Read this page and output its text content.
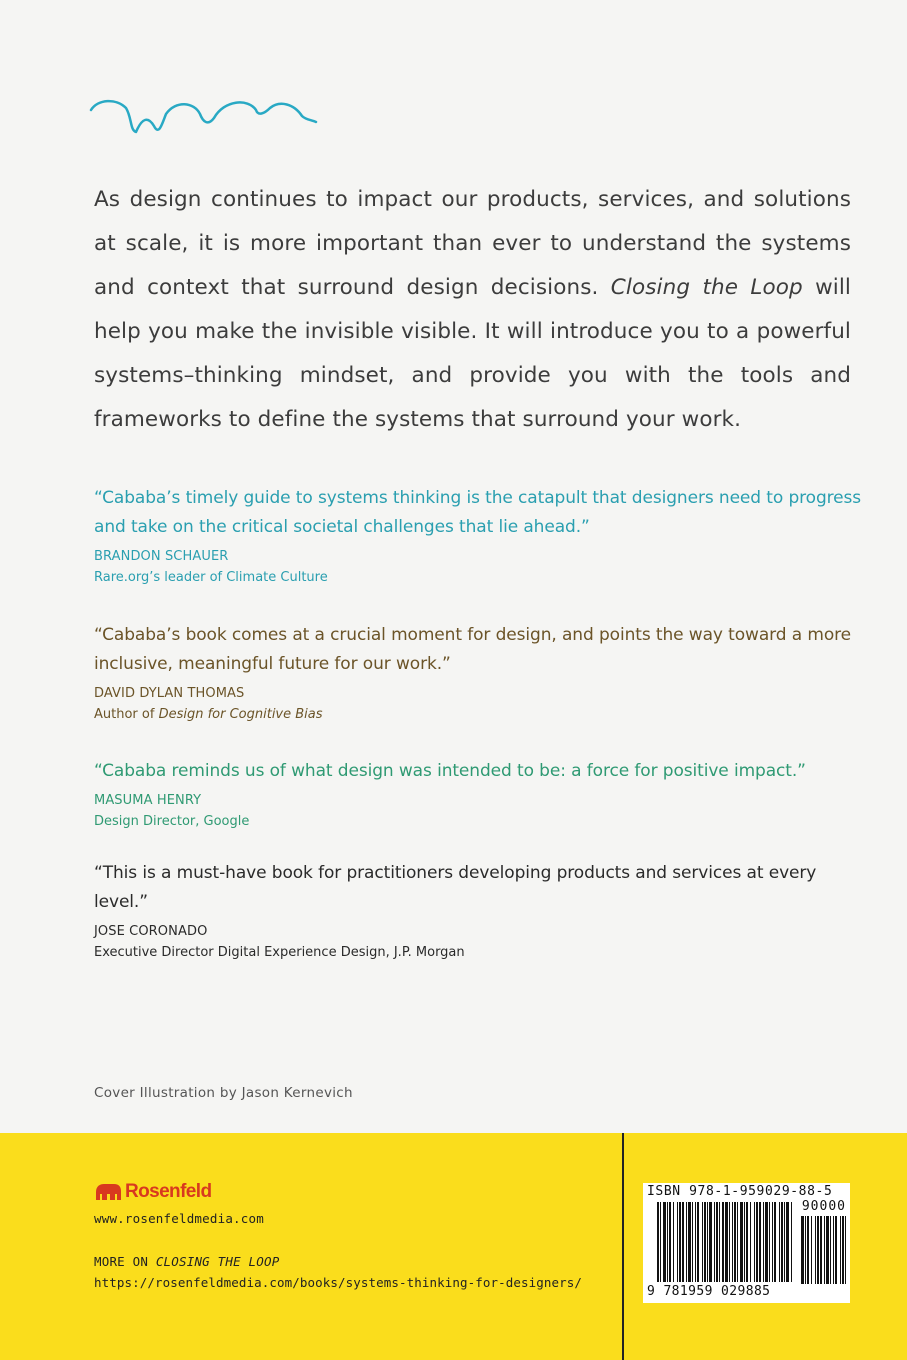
As design continues to impact our products, services, and solutions at scale, it is more important than ever to understand the systems and context that surround design decisions. Closing the Loop will help you make the invisible visible. It will introduce you to a powerful systems–thinking mindset, and provide you with the tools and frameworks to define the systems that surround your work.

“Cababa’s timely guide to systems thinking is the catapult that designers need to progress and take on the critical societal challenges that lie ahead.”

BRANDON SCHAUER

Rare.org’s leader of Climate Culture

“Cababa’s book comes at a crucial moment for design, and points the way toward a more inclusive, meaningful future for our work.”

DAVID DYLAN THOMAS

Author of Design for Cognitive Bias

“Cababa reminds us of what design was intended to be: a force for positive impact.”

MASUMA HENRY

Design Director, Google

“This is a must-have book for practitioners developing products and services at every level.”

JOSE CORONADO

Executive Director Digital Experience Design, J.P. Morgan

Cover Illustration by Jason Kernevich

Rosenfeld

www.rosenfeldmedia.com

MORE ON CLOSING THE LOOP

https://rosenfeldmedia.com/books/systems-thinking-for-designers/

ISBN 978-1-959029-88-5
90000
9 781959 029885
